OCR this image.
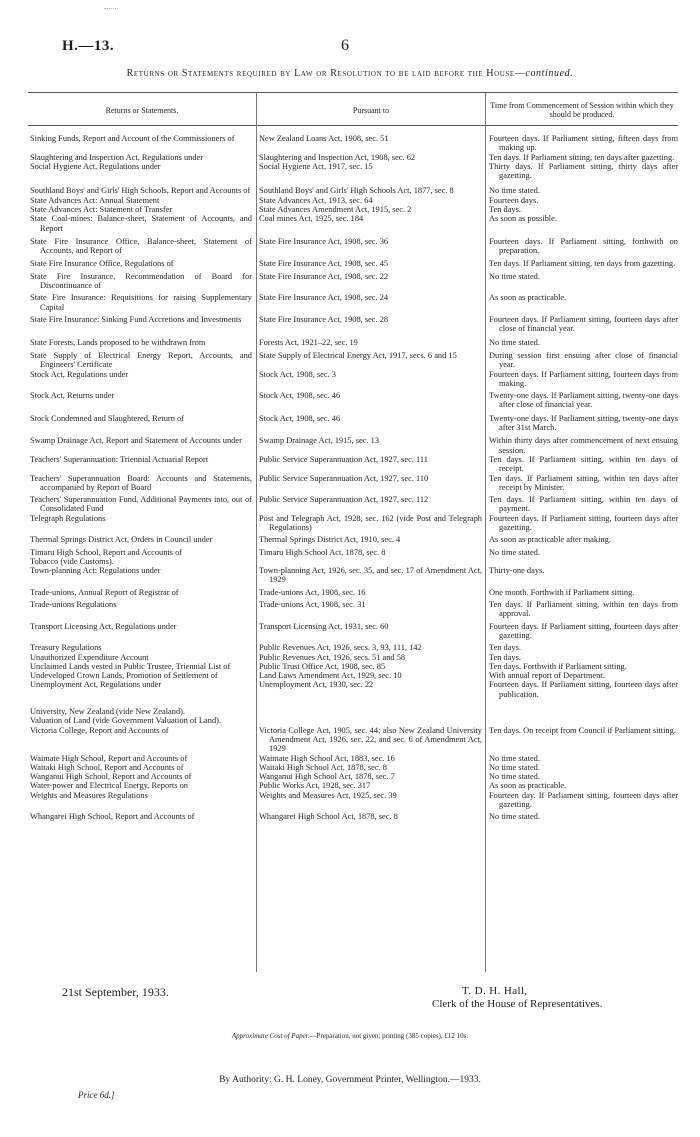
H.—13.	6
Returns or Statements required by Law or Resolution to be laid before the House—continued.
Returns or Statements.	Pursuant to	Time from Commencement of Session within which they should be produced.
Sinking Funds, Report and Account of the Commissioners of	New Zealand Loans Act, 1908, sec. 51	Fourteen days. If Parliament sitting, fifteen days from making up.

Slaughtering and Inspection Act, Regulations under	Slaughtering and Inspection Act, 1908, sec. 62	Ten days. If Parliament sitting, ten days after gazetting.

Social Hygiene Act, Regulations under	Social Hygiene Act, 1917, sec. 15	Thirty days. If Parliament sitting, thirty days after gazetting.

Southland Boys' and Girls' High Schools, Report and Accounts of	Southland Boys' and Girls' High Schools Act, 1877, sec. 8	No time stated.

State Advances Act: Annual Statement	State Advances Act, 1913, sec. 64	Fourteen days.

State Advances Act: Statement of Transfer	State Advances Amendment Act, 1915, sec. 2	Ten days.

State Coal-mines: Balance-sheet, Statement of Accounts, and Report	Coal mines Act, 1925, sec. 184	As soon as possible.

State Fire Insurance Office, Balance-sheet, Statement of Accounts, and Report of	State Fire Insurance Act, 1908, sec. 36	Fourteen days. If Parliament sitting, forthwith on preparation.

State Fire Insurance Office, Regulations of	State Fire Insurance Act, 1908, sec. 45	Ten days. If Parliament sitting, ten days from gazetting.

State Fire Insurance, Recommendation of Board for Discontinuance of	State Fire Insurance Act, 1908, sec. 22	No time stated.

State Fire Insurance: Requisitions for raising Supplementary Capital	State Fire Insurance Act, 1908, sec. 24	As soon as practicable.

State Fire Insurance: Sinking Fund Accretions and Investments	State Fire Insurance Act, 1908, sec. 28	Fourteen days. If Parliament sitting, fourteen days after close of financial year.

State Forests, Lands proposed to be withdrawn from	Forests Act, 1921–22, sec. 19	No time stated.

State Supply of Electrical Energy Report, Accounts, and Engineers' Certificate	State Supply of Electrical Energy Act, 1917, secs. 6 and 15	During session first ensuing after close of financial year.

Stock Act, Regulations under	Stock Act, 1908, sec. 3	Fourteen days. If Parliament sitting, fourteen days from making.

Stock Act, Returns under	Stock Act, 1908, sec. 46	Twenty-one days. If Parliament sitting, twenty-one days after close of financial year.

Stock Condemned and Slaughtered, Return of	Stock Act, 1908, sec. 46	Twenty-one days. If Parliament sitting, twenty-one days after 31st March.

Swamp Drainage Act, Report and Statement of Accounts under	Swamp Drainage Act, 1915, sec. 13	Within thirty days after commencement of next ensuing session.

Teachers' Superannuation: Triennial Actuarial Report	Public Service Superannuation Act, 1927, sec. 111	Ten days. If Parliament sitting, within ten days of receipt.

Teachers' Superannuation Board: Accounts and Statements, accompanied by Report of Board	Public Service Superannuation Act, 1927, sec. 110	Ten days. If Parliament sitting, within ten days after receipt by Minister.

Teachers' Superannuation Fund, Additional Payments into, out of Consolidated Fund	Public Service Superannuation Act, 1927, sec. 112	Ten days. If Parliament sitting, within ten days of payment.

Telegraph Regulations	Post and Telegraph Act, 1928, sec. 162 (vide Post and Telegraph Regulations)	Fourteen days. If Parliament sitting, fourteen days after gazetting.

Thermal Springs District Act, Orders in Council under	Thermal Springs District Act, 1910, sec. 4	As soon as practicable after making.

Timaru High School, Report and Accounts of	Timaru High School Act, 1878, sec. 8	No time stated.

Tobacco (vide Customs).		

Town-planning Act: Regulations under	Town-planning Act, 1926, sec. 35, and sec. 17 of Amendment Act, 1929	Thirty-one days.

Trade-unions, Annual Report of Registrar of	Trade-unions Act, 1908, sec. 16	One month. Forthwith if Parliament sitting.

Trade-unions Regulations	Trade-unions Act, 1908, sec. 31	Ten days. If Parliament sitting, within ten days from approval.

Transport Licensing Act, Regulations under	Transport Licensing Act, 1931, sec. 60	Fourteen days. If Parliament sitting, fourteen days after gazetting.

Treasury Regulations	Public Revenues Act, 1926, secs. 3, 93, 111, 142	Ten days.

Unauthorized Expenditure Account	Public Revenues Act, 1926, secs. 51 and 58	Ten days.

Unclaimed Lands vested in Public Trustee, Triennial List of	Public Trust Office Act, 1908, sec. 85	Ten days. Forthwith if Parliament sitting.

Undeveloped Crown Lands, Promotion of Settlement of	Land Laws Amendment Act, 1929, sec. 10	With annual report of Department.

Unemployment Act, Regulations under	Unemployment Act, 1930, sec. 22	Fourteen days. If Parliament sitting, fourteen days after publication.

University, New Zealand (vide New Zealand).		

Valuation of Land (vide Government Valuation of Land).		

Victoria College, Report and Accounts of	Victoria College Act, 1905, sec. 44; also New Zealand University Amendment Act, 1926, sec. 22, and sec. 6 of Amendment Act, 1929	Ten days. On receipt from Council if Parliament sitting.

Waimate High School, Report and Accounts of	Waimate High School Act, 1883, sec. 16	No time stated.

Waitaki High School, Report and Accounts of	Waitaki High School Act, 1878, sec. 8	No time stated.

Wanganui High School, Report and Accounts of	Wanganui High School Act, 1878, sec. 7	No time stated.

Water-power and Electrical Energy, Reports on	Public Works Act, 1928, sec. 317	As soon as practicable.

Weights and Measures Regulations	Weights and Measures Act, 1925, sec. 39	Fourteen day. If Parliament sitting, fourteen days after gazetting.

Whangarei High School, Report and Accounts of	Whangarei High School Act, 1878, sec. 8	No time stated.
21st September, 1933.	T. D. H. Hall,
Clerk of the House of Representatives.
Approximate Cost of Paper.—Preparation, not given; printing (385 copies), £12 10s.
By Authority: G. H. Loney, Government Printer, Wellington.—1933.
Price 6d.]
